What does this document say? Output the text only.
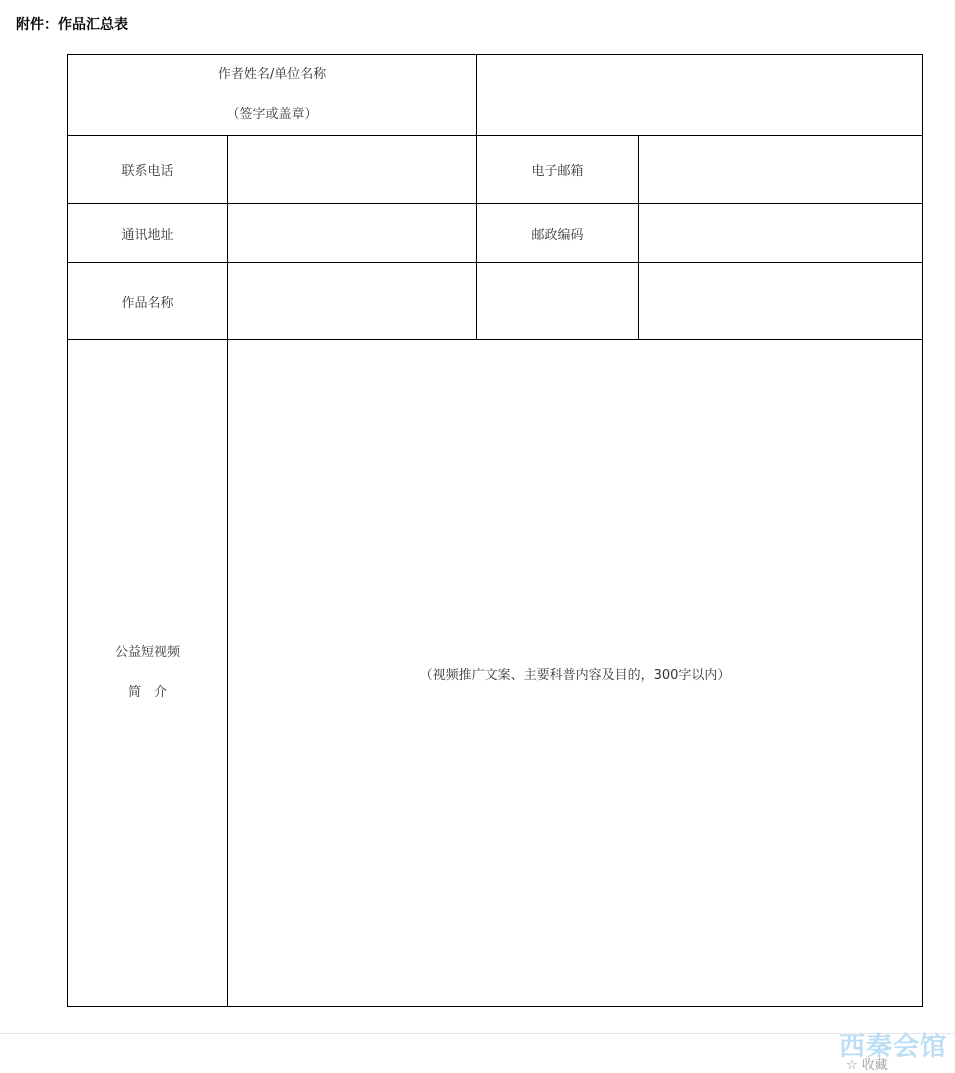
附件：作品汇总表
作者姓名/单位名称
（签字或盖章）			

联系电话		电子邮箱	
通讯地址		邮政编码	
作品名称			

公益短视频
简　介	（视频推广文案、主要科普内容及目的，300字以内）		
西秦会馆
☆ 收藏
